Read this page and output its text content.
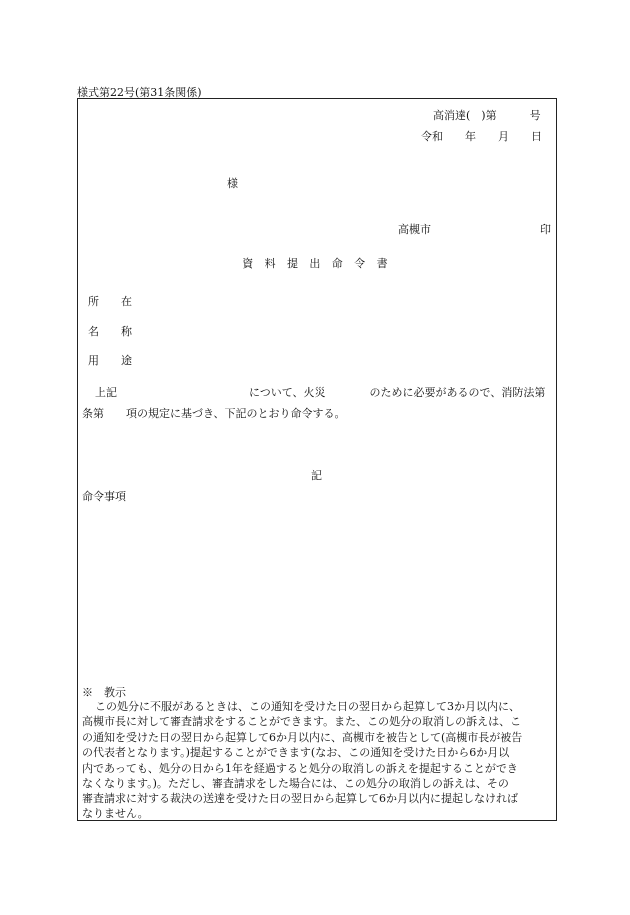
様式第22号(第31条関係)
高消達(　)第　　　号
令和　　年　　月　　日
様
高槻市	印
資　料　提　出　命　令　書
所　　在
名　　称
用　　途
上記　　　　　　　　　　　　について、火災　　　　のために必要があるので、消防法第
条第　　項の規定に基づき、下記のとおり命令する。
記
命令事項
※　教示
この処分に不服があるときは、この通知を受けた日の翌日から起算して3か月以内に、
高槻市長に対して審査請求をすることができます。また、この処分の取消しの訴えは、こ
の通知を受けた日の翌日から起算して6か月以内に、高槻市を被告として(高槻市長が被告
の代表者となります。)提起することができます(なお、この通知を受けた日から6か月以
内であっても、処分の日から1年を経過すると処分の取消しの訴えを提起することができ
なくなります。)。ただし、審査請求をした場合には、この処分の取消しの訴えは、その
審査請求に対する裁決の送達を受けた日の翌日から起算して6か月以内に提起しなければ
なりません。
